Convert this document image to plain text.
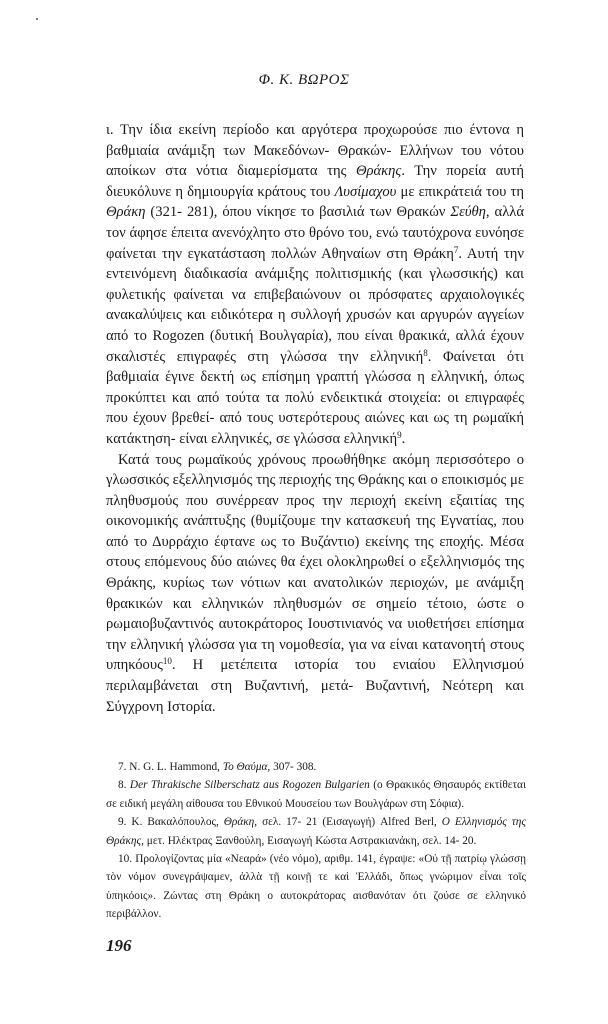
Φ. Κ. ΒΩΡΟΣ

ι. Την ίδια εκείνη περίοδο και αργότερα προχωρούσε πιο έντονα η βαθμιαία ανάμιξη των Μακεδόνων- Θρακών- Ελλήνων του νότου αποίκων στα νότια διαμερίσματα της Θράκης. Την πορεία αυτή διευκόλυνε η δημιουργία κράτους του Λυσίμαχου με επικράτειά του τη Θράκη (321- 281), όπου νίκησε το βασιλιά των Θρακών Σεύθη, αλλά τον άφησε έπειτα ανενόχλητο στο θρόνο του, ενώ ταυτόχρονα ευνόησε φαίνεται την εγκατάσταση πολλών Αθηναίων στη Θράκη$^7$. Αυτή την εντεινόμενη διαδικασία ανάμιξης πολιτισμικής (και γλωσσικής) και φυλετικής φαίνεται να επιβεβαιώνουν οι πρόσφατες αρχαιολογικές ανακαλύψεις και ειδικότερα η συλλογή χρυσών και αργυρών αγγείων από το Rogozen (δυτική Βουλγαρία), που είναι θρακικά, αλλά έχουν σκαλιστές επιγραφές στη γλώσσα την ελληνική$^8$. Φαίνεται ότι βαθμιαία έγινε δεκτή ως επίσημη γραπτή γλώσσα η ελληνική, όπως προκύπτει και από τούτα τα πολύ ενδεικτικά στοιχεία: οι επιγραφές που έχουν βρεθεί- από τους υστερότερους αιώνες και ως τη ρωμαϊκή κατάκτηση- είναι ελληνικές, σε γλώσσα ελληνική$^9$.

Κατά τους ρωμαϊκούς χρόνους προωθήθηκε ακόμη περισσότερο ο γλωσσικός εξελληνισμός της περιοχής της Θράκης και ο εποικισμός με πληθυσμούς που συνέρρεαν προς την περιοχή εκείνη εξαιτίας της οικονομικής ανάπτυξης (θυμίζουμε την κατασκευή της Εγνατίας, που από το Δυρράχιο έφτανε ως το Βυζάντιο) εκείνης της εποχής. Μέσα στους επόμενους δύο αιώνες θα έχει ολοκληρωθεί ο εξελληνισμός της Θράκης, κυρίως των νότιων και ανατολικών περιοχών, με ανάμιξη θρακικών και ελληνικών πληθυσμών σε σημείο τέτοιο, ώστε ο ρωμαιοβυζαντινός αυτοκράτορος Ιουστινιανός να υιοθετήσει επίσημα την ελληνική γλώσσα για τη νομοθεσία, για να είναι κατανοητή στους υπηκόους$^{10}$. Η μετέπειτα ιστορία του ενιαίου Ελληνισμού περιλαμβάνεται στη Βυζαντινή, μετά- Βυζαντινή, Νεότερη και Σύγχρονη Ιστορία.

7. N. G. L. Hammond, Το Θαύμα, 307- 308.

8. Der Thrakische Silberschatz aus Rogozen Bulgarien (ο Θρακικός Θησαυρός εκτίθεται σε ειδική μεγάλη αίθουσα του Εθνικού Μουσείου των Βουλγάρων στη Σόφια).

9. Κ. Βακαλόπουλος, Θράκη, σελ. 17- 21 (Εισαγωγή) Alfred Berl, Ο Ελληνισμός της Θράκης, μετ. Ηλέκτρας Ξανθούλη, Εισαγωγή Κώστα Αστρακιανάκη, σελ. 14- 20.

10. Προλογίζοντας μία «Νεαρά» (νέο νόμο), αριθμ. 141, έγραψε: «Οὐ τῇ πατρίῳ γλώσσῃ τὸν νόμον συνεγράψαμεν, ἀλλὰ τῇ κοινῇ τε καὶ Ἑλλάδι, ὅπως γνώριμον εἶναι τοῖς ὑπηκόοις». Ζώντας στη Θράκη ο αυτοκράτορας αισθανόταν ότι ζούσε σε ελληνικό περιβάλλον.

196
